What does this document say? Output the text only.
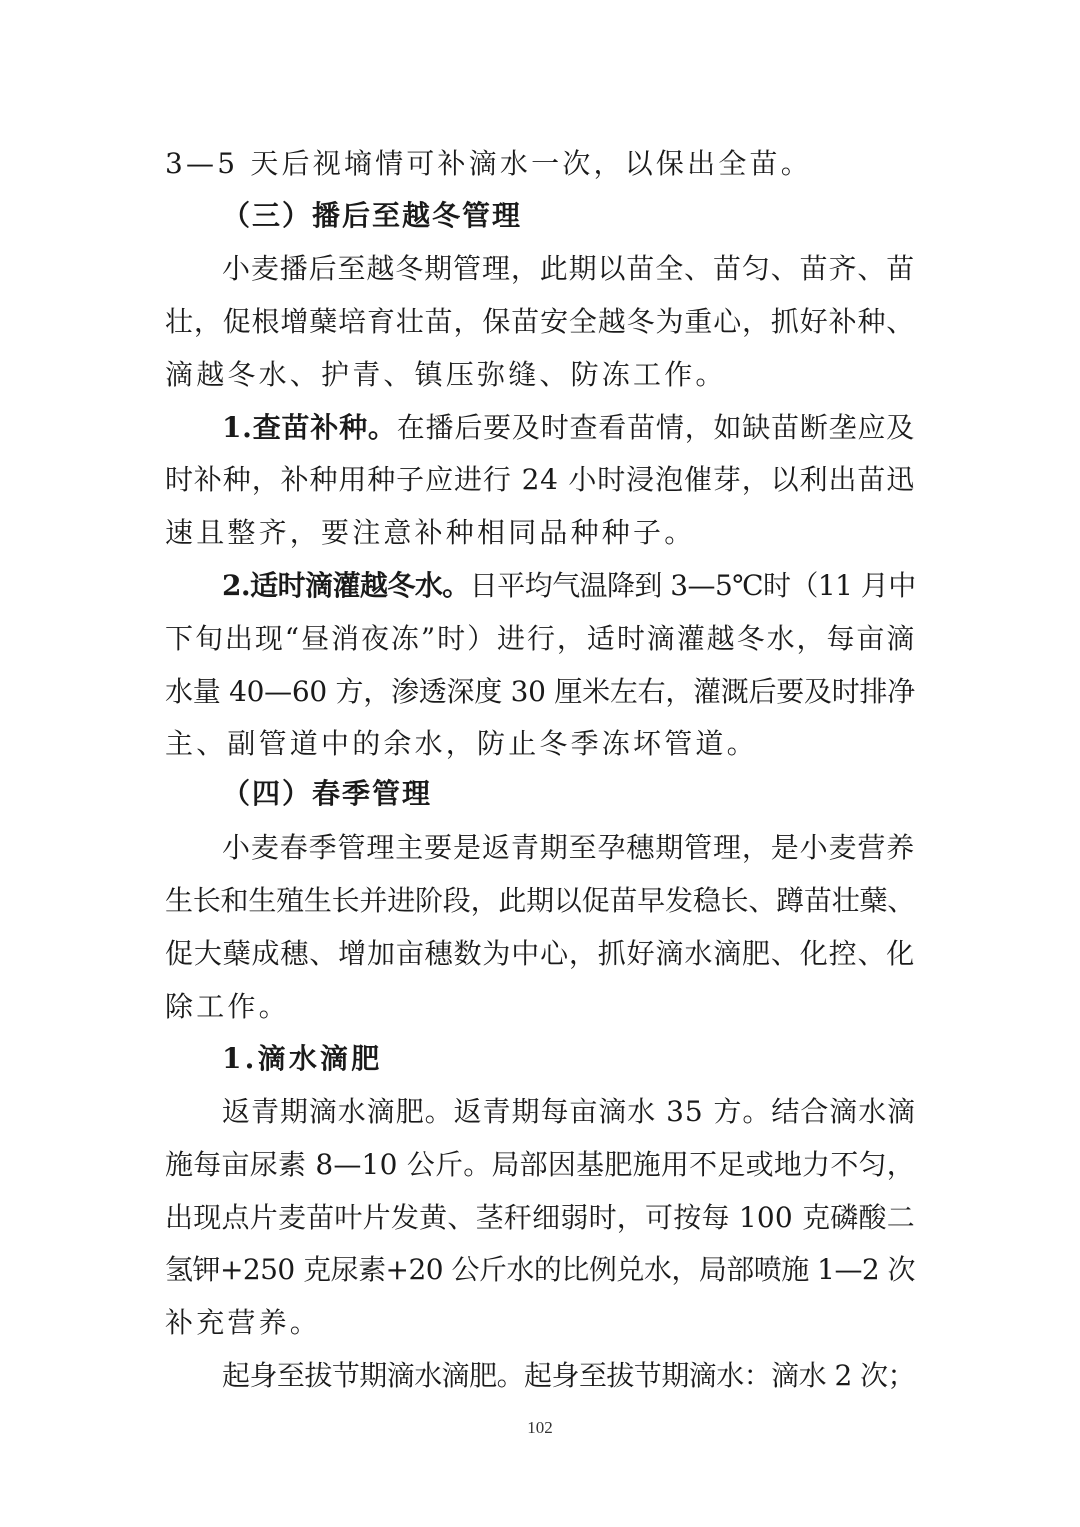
3—5 天后视墒情可补滴水一次，以保出全苗。
（三）播后至越冬管理
小麦播后至越冬期管理，此期以苗全、苗匀、苗齐、苗
壮，促根增蘖培育壮苗，保苗安全越冬为重心，抓好补种、
滴越冬水、护青、镇压弥缝、防冻工作。
1.查苗补种。在播后要及时查看苗情，如缺苗断垄应及
时补种，补种用种子应进行 24 小时浸泡催芽，以利出苗迅
速且整齐，要注意补种相同品种种子。
2.适时滴灌越冬水。日平均气温降到 3—5℃时（11 月中
下旬出现“昼消夜冻”时）进行，适时滴灌越冬水，每亩滴
水量 40—60 方，渗透深度 30 厘米左右，灌溉后要及时排净
主、副管道中的余水，防止冬季冻坏管道。
（四）春季管理
小麦春季管理主要是返青期至孕穗期管理，是小麦营养
生长和生殖生长并进阶段，此期以促苗早发稳长、蹲苗壮蘖、
促大蘖成穗、增加亩穗数为中心，抓好滴水滴肥、化控、化
除工作。
1.滴水滴肥
返青期滴水滴肥。返青期每亩滴水 35 方。结合滴水滴
施每亩尿素 8—10 公斤。局部因基肥施用不足或地力不匀，
出现点片麦苗叶片发黄、茎秆细弱时，可按每 100 克磷酸二
氢钾+250 克尿素+20 公斤水的比例兑水，局部喷施 1—2 次
补充营养。
起身至拔节期滴水滴肥。起身至拔节期滴水：滴水 2 次；
102
